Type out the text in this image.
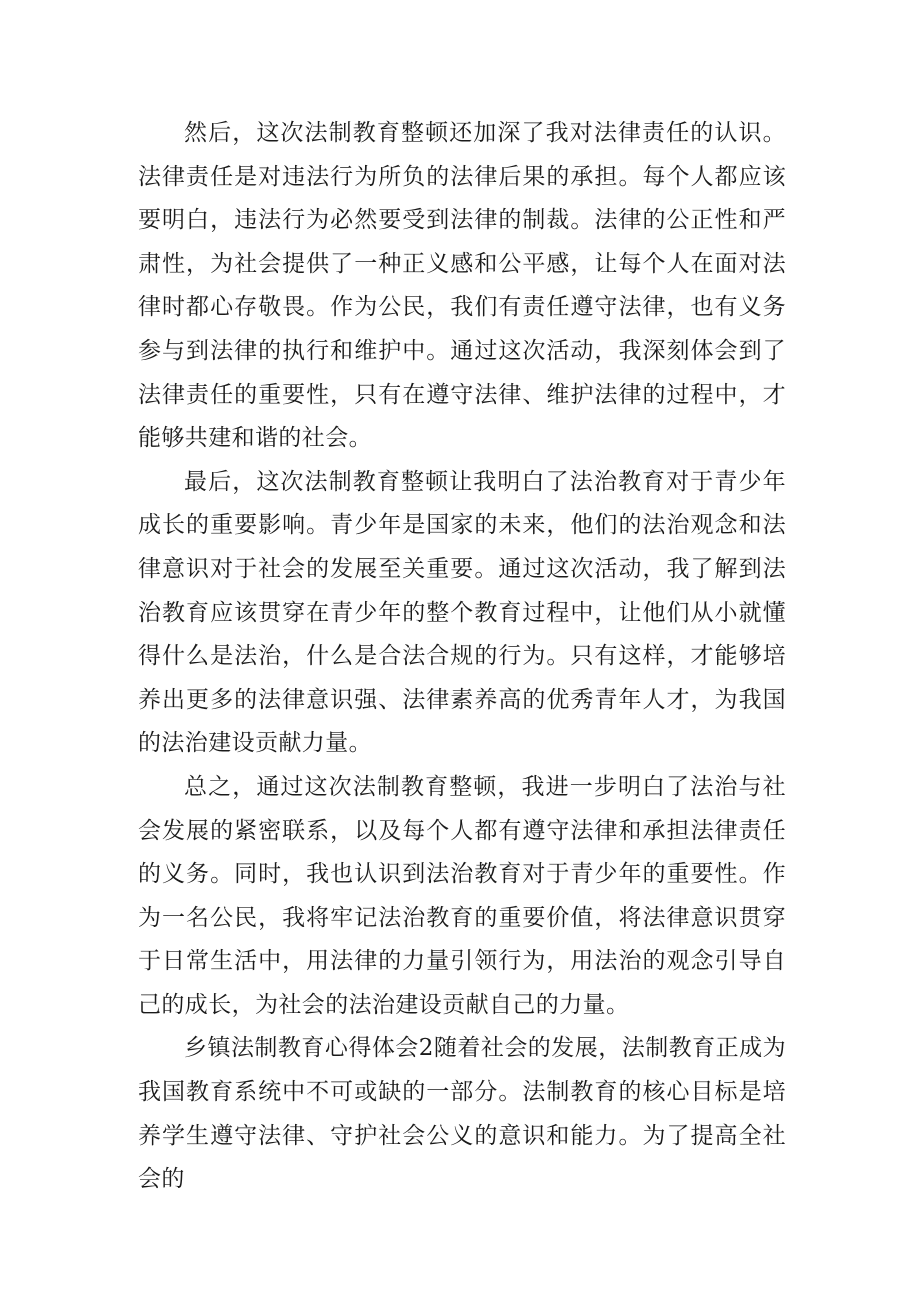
然后，这次法制教育整顿还加深了我对法律责任的认识。法律责任是对违法行为所负的法律后果的承担。每个人都应该要明白，违法行为必然要受到法律的制裁。法律的公正性和严肃性，为社会提供了一种正义感和公平感，让每个人在面对法律时都心存敬畏。作为公民，我们有责任遵守法律，也有义务参与到法律的执行和维护中。通过这次活动，我深刻体会到了法律责任的重要性，只有在遵守法律、维护法律的过程中，才能够共建和谐的社会。

最后，这次法制教育整顿让我明白了法治教育对于青少年成长的重要影响。青少年是国家的未来，他们的法治观念和法律意识对于社会的发展至关重要。通过这次活动，我了解到法治教育应该贯穿在青少年的整个教育过程中，让他们从小就懂得什么是法治，什么是合法合规的行为。只有这样，才能够培养出更多的法律意识强、法律素养高的优秀青年人才，为我国的法治建设贡献力量。

总之，通过这次法制教育整顿，我进一步明白了法治与社会发展的紧密联系，以及每个人都有遵守法律和承担法律责任的义务。同时，我也认识到法治教育对于青少年的重要性。作为一名公民，我将牢记法治教育的重要价值，将法律意识贯穿于日常生活中，用法律的力量引领行为，用法治的观念引导自己的成长，为社会的法治建设贡献自己的力量。

乡镇法制教育心得体会2随着社会的发展，法制教育正成为我国教育系统中不可或缺的一部分。法制教育的核心目标是培养学生遵守法律、守护社会公义的意识和能力。为了提高全社会的
